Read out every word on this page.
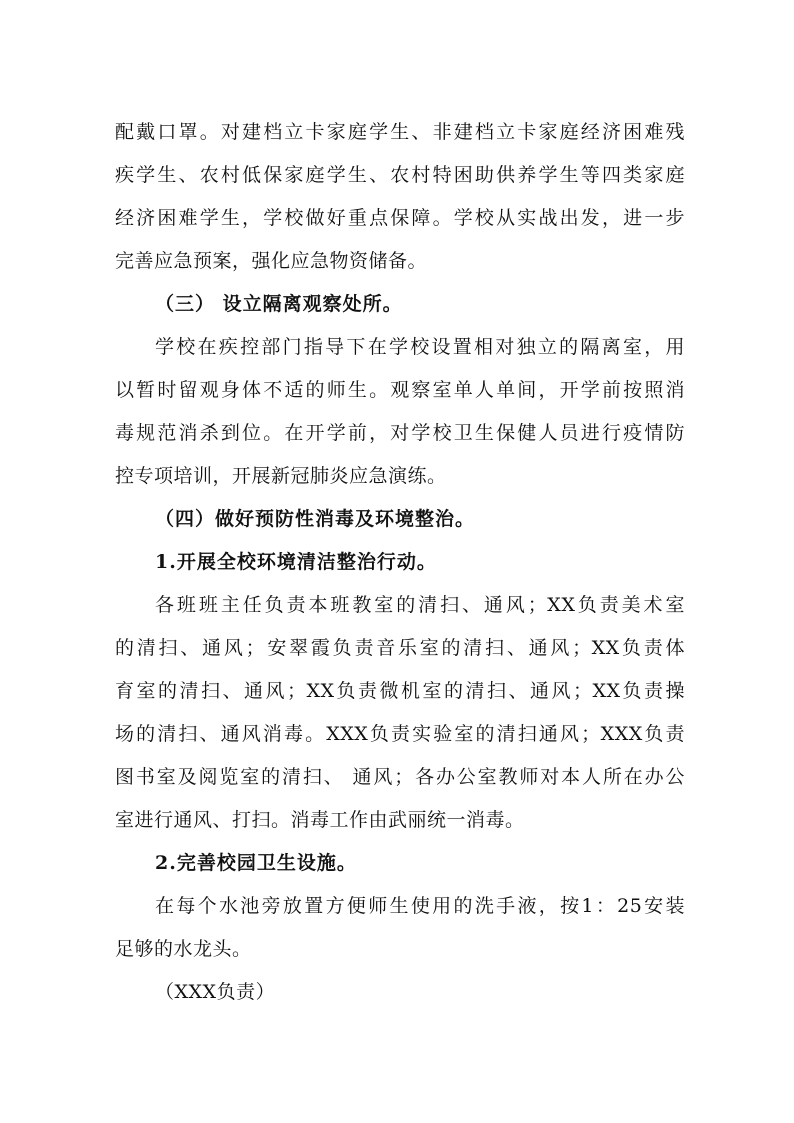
配戴口罩。对建档立卡家庭学生、非建档立卡家庭经济困难残
疾学生、农村低保家庭学生、农村特困助供养学生等四类家庭
经济困难学生，学校做好重点保障。学校从实战出发，进一步
完善应急预案，强化应急物资储备。
（三） 设立隔离观察处所。
学校在疾控部门指导下在学校设置相对独立的隔离室，用
以暂时留观身体不适的师生。观察室单人单间，开学前按照消
毒规范消杀到位。在开学前，对学校卫生保健人员进行疫情防
控专项培训，开展新冠肺炎应急演练。
（四）做好预防性消毒及环境整治。
1.开展全校环境清洁整治行动。
各班班主任负责本班教室的清扫、通风；XX负责美术室
的清扫、通风；安翠霞负责音乐室的清扫、通风；XX负责体
育室的清扫、通风；XX负责微机室的清扫、通风；XX负责操
场的清扫、通风消毒。XXX负责实验室的清扫通风；XXX负责
图书室及阅览室的清扫、 通风；各办公室教师对本人所在办公
室进行通风、打扫。消毒工作由武丽统一消毒。
2.完善校园卫生设施。
在每个水池旁放置方便师生使用的洗手液，按1：25安装
足够的水龙头。
（XXX负责）
